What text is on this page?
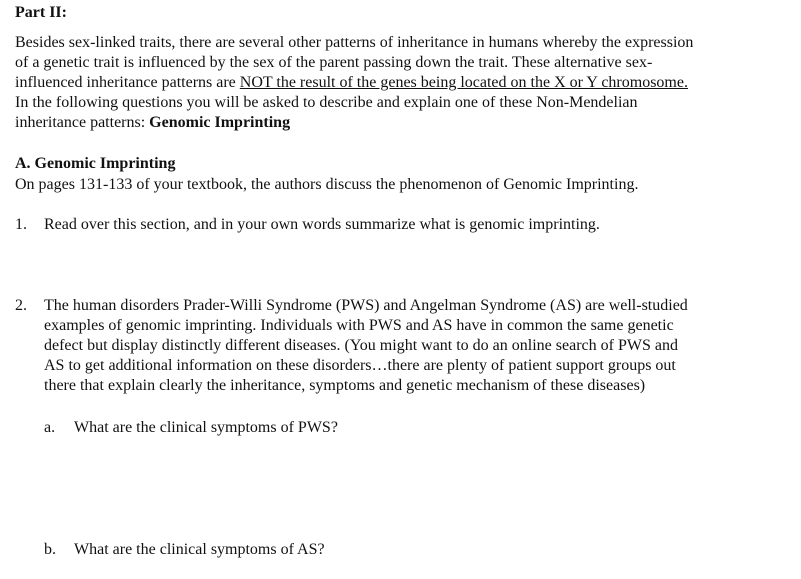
Part II:
Besides sex-linked traits, there are several other patterns of inheritance in humans whereby the expression
of a genetic trait is influenced by the sex of the parent passing down the trait. These alternative sex-
influenced inheritance patterns are NOT the result of the genes being located on the X or Y chromosome.
In the following questions you will be asked to describe and explain one of these Non-Mendelian
inheritance patterns: Genomic Imprinting
A. Genomic Imprinting
On pages 131-133 of your textbook, the authors discuss the phenomenon of Genomic Imprinting.
1. Read over this section, and in your own words summarize what is genomic imprinting.
2. The human disorders Prader-Willi Syndrome (PWS) and Angelman Syndrome (AS) are well-studied
examples of genomic imprinting. Individuals with PWS and AS have in common the same genetic
defect but display distinctly different diseases. (You might want to do an online search of PWS and
AS to get additional information on these disorders…there are plenty of patient support groups out
there that explain clearly the inheritance, symptoms and genetic mechanism of these diseases)
a. What are the clinical symptoms of PWS?
b. What are the clinical symptoms of AS?
